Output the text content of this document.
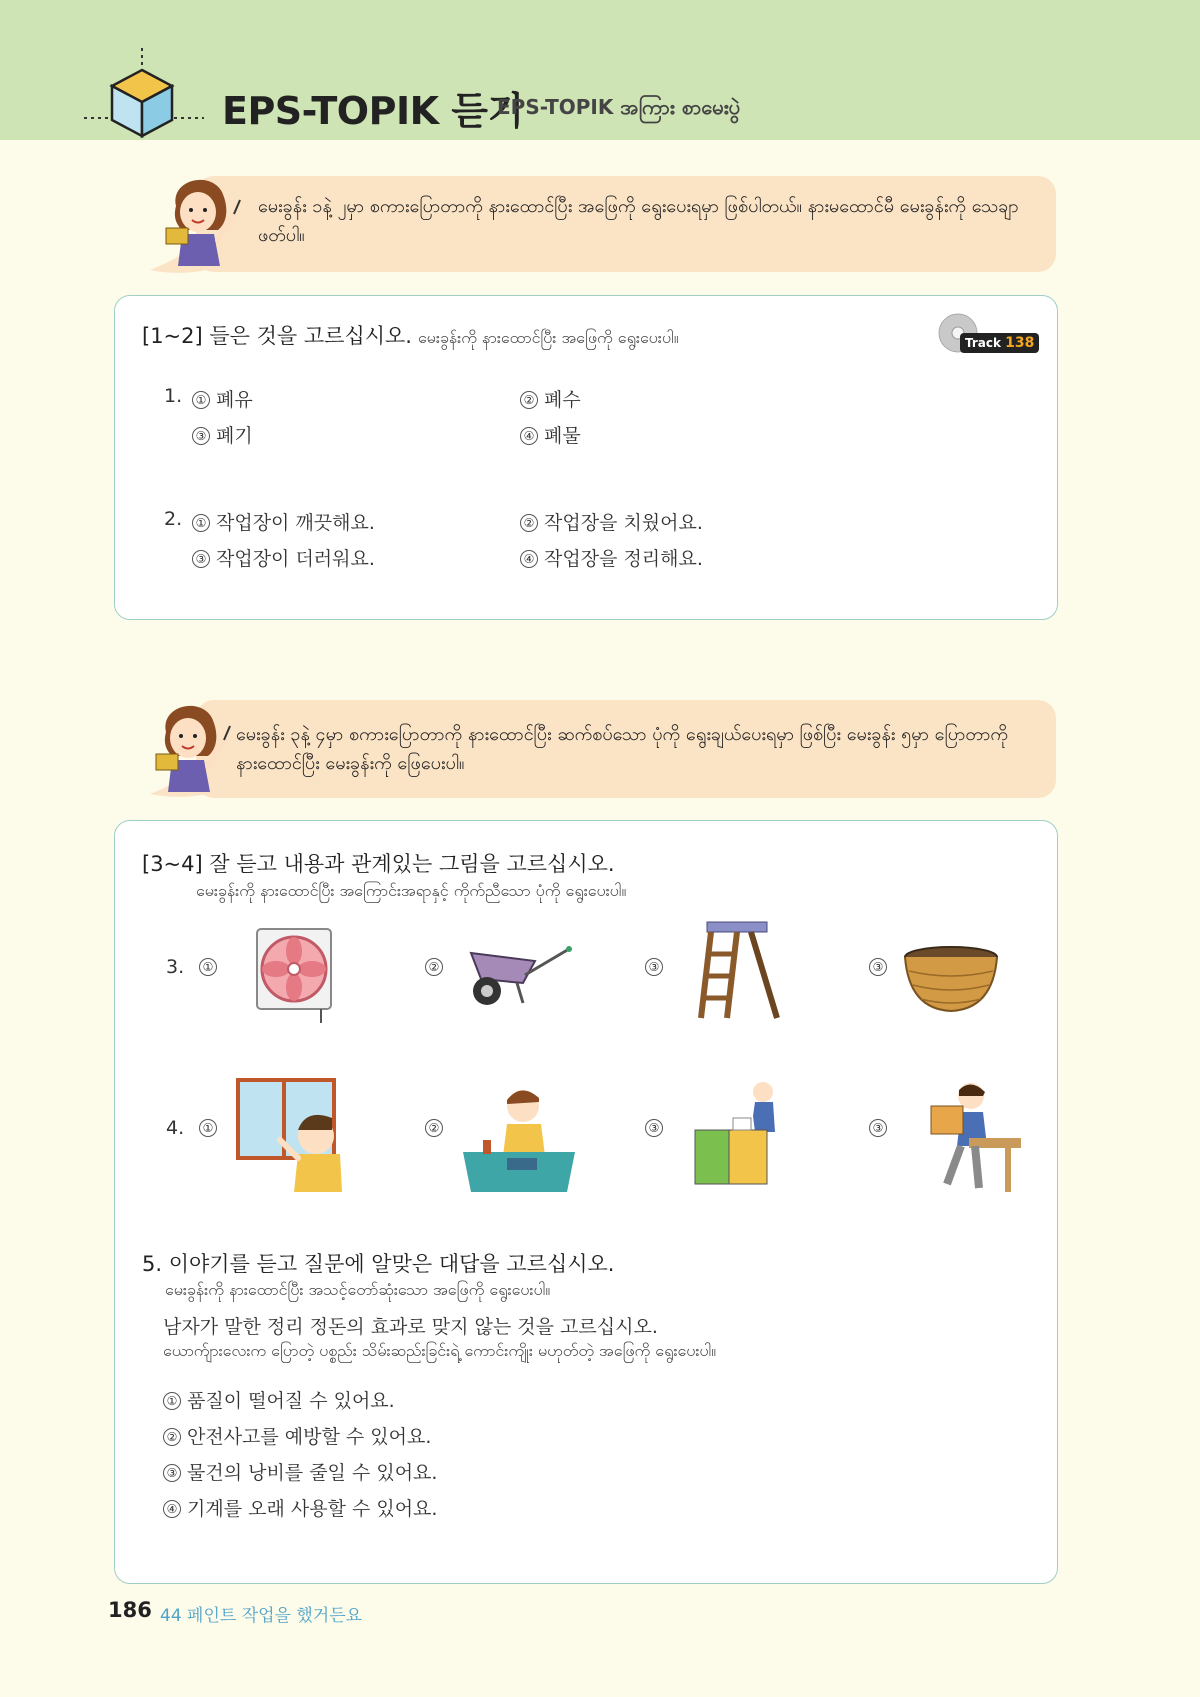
EPS-TOPIK 듣기
EPS-TOPIK အကြား စာမေးပွဲ
မေးခွန်း ၁နဲ့ ၂မှာ စကားပြောတာကို နားထောင်ပြီး အဖြေကို ရွေးပေးရမှာ ဖြစ်ပါတယ်။ နားမထောင်မီ မေးခွန်းကို သေချာဖတ်ပါ။
[1~2] 들은 것을 고르십시오. မေးခွန်းကို နားထောင်ပြီး အဖြေကို ရွေးပေးပါ။	Track 138
1.	① 폐유	② 폐수
③ 폐기	④ 폐물
2.	① 작업장이 깨끗해요.	② 작업장을 치웠어요.
③ 작업장이 더러워요.	④ 작업장을 정리해요.
မေးခွန်း ၃နဲ့ ၄မှာ စကားပြောတာကို နားထောင်ပြီး ဆက်စပ်သော ပုံကို ရွေးချယ်ပေးရမှာ ဖြစ်ပြီး မေးခွန်း ၅မှာ ပြောတာကို နားထောင်ပြီး မေးခွန်းကို ဖြေပေးပါ။
[3~4] 잘 듣고 내용과 관계있는 그림을 고르십시오.
မေးခွန်းကို နားထောင်ပြီး အကြောင်းအရာနှင့် ကိုက်ညီသော ပုံကို ရွေးပေးပါ။
3.	①	②	③	③
4.	①	②	③	③
5. 이야기를 듣고 질문에 알맞은 대답을 고르십시오.
မေးခွန်းကို နားထောင်ပြီး အသင့်တော်ဆုံးသော အဖြေကို ရွေးပေးပါ။
남자가 말한 정리 정돈의 효과로 맞지 않는 것을 고르십시오.
ယောက်ျားလေးက ပြောတဲ့ ပစ္စည်း သိမ်းဆည်းခြင်းရဲ့ ကောင်းကျိုး မဟုတ်တဲ့ အဖြေကို ရွေးပေးပါ။
① 품질이 떨어질 수 있어요.
② 안전사고를 예방할 수 있어요.
③ 물건의 낭비를 줄일 수 있어요.
④ 기계를 오래 사용할 수 있어요.
186 44 페인트 작업을 했거든요
